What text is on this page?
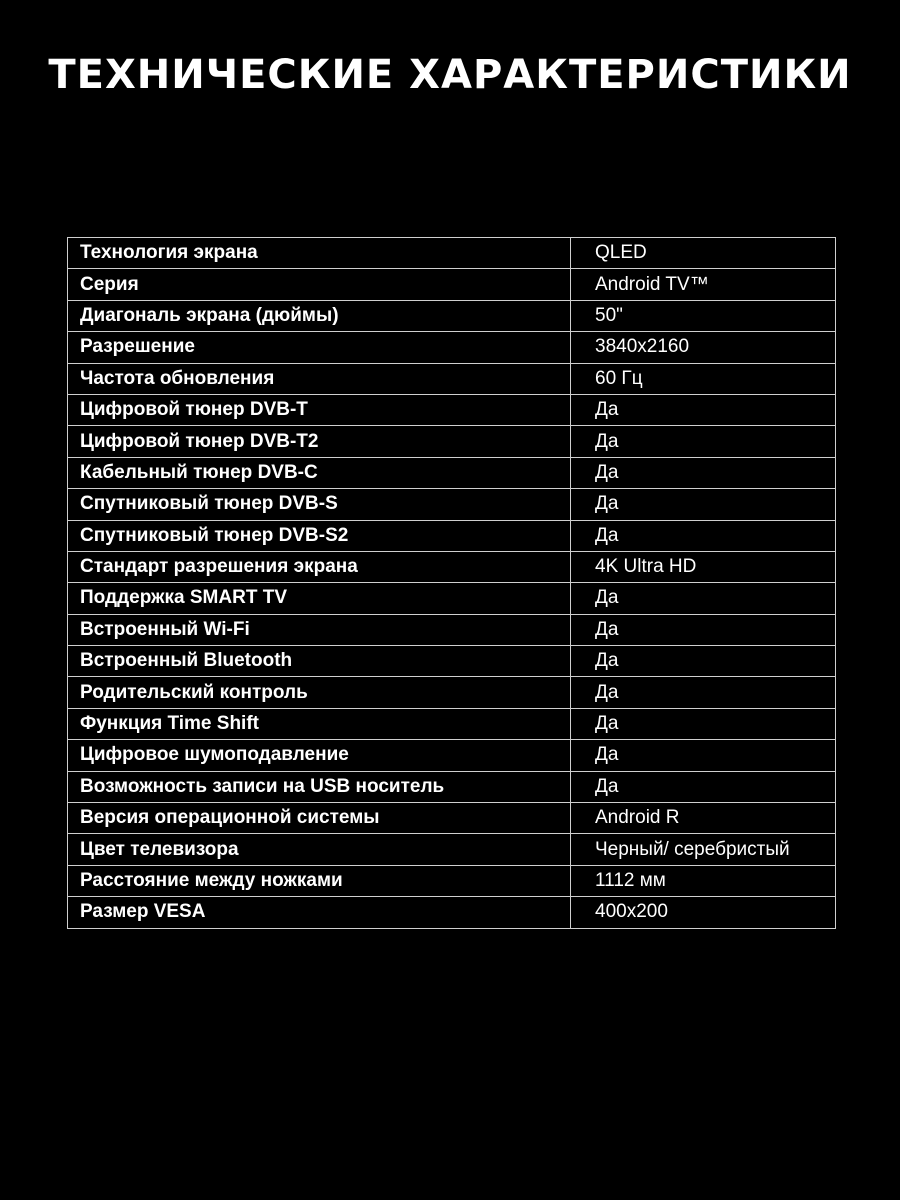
ТЕХНИЧЕСКИЕ ХАРАКТЕРИСТИКИ
Технология экрана	QLED
Серия	Android TV™
Диагональ экрана (дюймы)	50"
Разрешение	3840x2160
Частота обновления	60 Гц
Цифровой тюнер DVB-T	Да
Цифровой тюнер DVB-T2	Да
Кабельный тюнер DVB-C	Да
Спутниковый тюнер DVB-S	Да
Спутниковый тюнер DVB-S2	Да
Стандарт разрешения экрана	4K Ultra HD
Поддержка SMART TV	Да
Встроенный Wi-Fi	Да
Встроенный Bluetooth	Да
Родительский контроль	Да
Функция Time Shift	Да
Цифровое шумоподавление	Да
Возможность записи на USB носитель	Да
Версия операционной системы	Android R
Цвет телевизора	Черный/ серебристый
Расстояние между ножками	1112 мм
Размер VESA	400x200
